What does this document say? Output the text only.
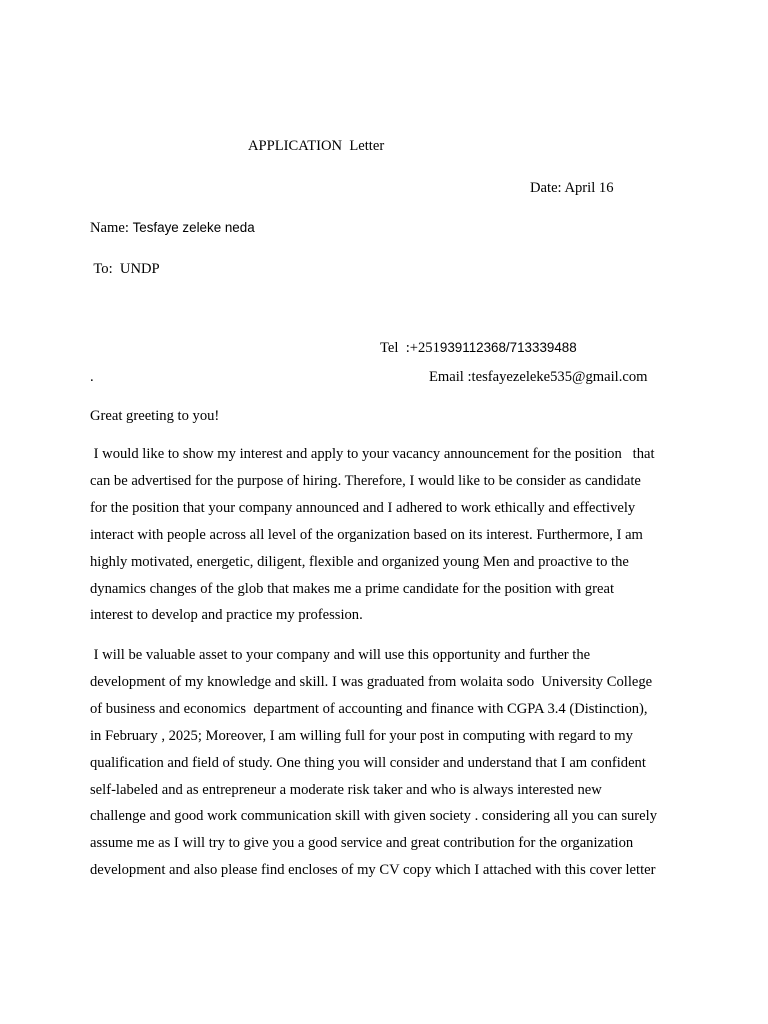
APPLICATION  Letter
Date: April 16
Name: Tesfaye zeleke neda
To:  UNDP
Tel  :+251939112368/713339488
.	Email :tesfayezeleke535@gmail.com
Great greeting to you!
I would like to show my interest and apply to your vacancy announcement for the position   that
can be advertised for the purpose of hiring. Therefore, I would like to be consider as candidate
for the position that your company announced and I adhered to work ethically and effectively
interact with people across all level of the organization based on its interest. Furthermore, I am
highly motivated, energetic, diligent, flexible and organized young Men and proactive to the
dynamics changes of the glob that makes me a prime candidate for the position with great
interest to develop and practice my profession.
I will be valuable asset to your company and will use this opportunity and further the
development of my knowledge and skill. I was graduated from wolaita sodo  University College
of business and economics  department of accounting and finance with CGPA 3.4 (Distinction),
in February , 2025; Moreover, I am willing full for your post in computing with regard to my
qualification and field of study. One thing you will consider and understand that I am confident
self-labeled and as entrepreneur a moderate risk taker and who is always interested new
challenge and good work communication skill with given society . considering all you can surely
assume me as I will try to give you a good service and great contribution for the organization
development and also please find encloses of my CV copy which I attached with this cover letter
